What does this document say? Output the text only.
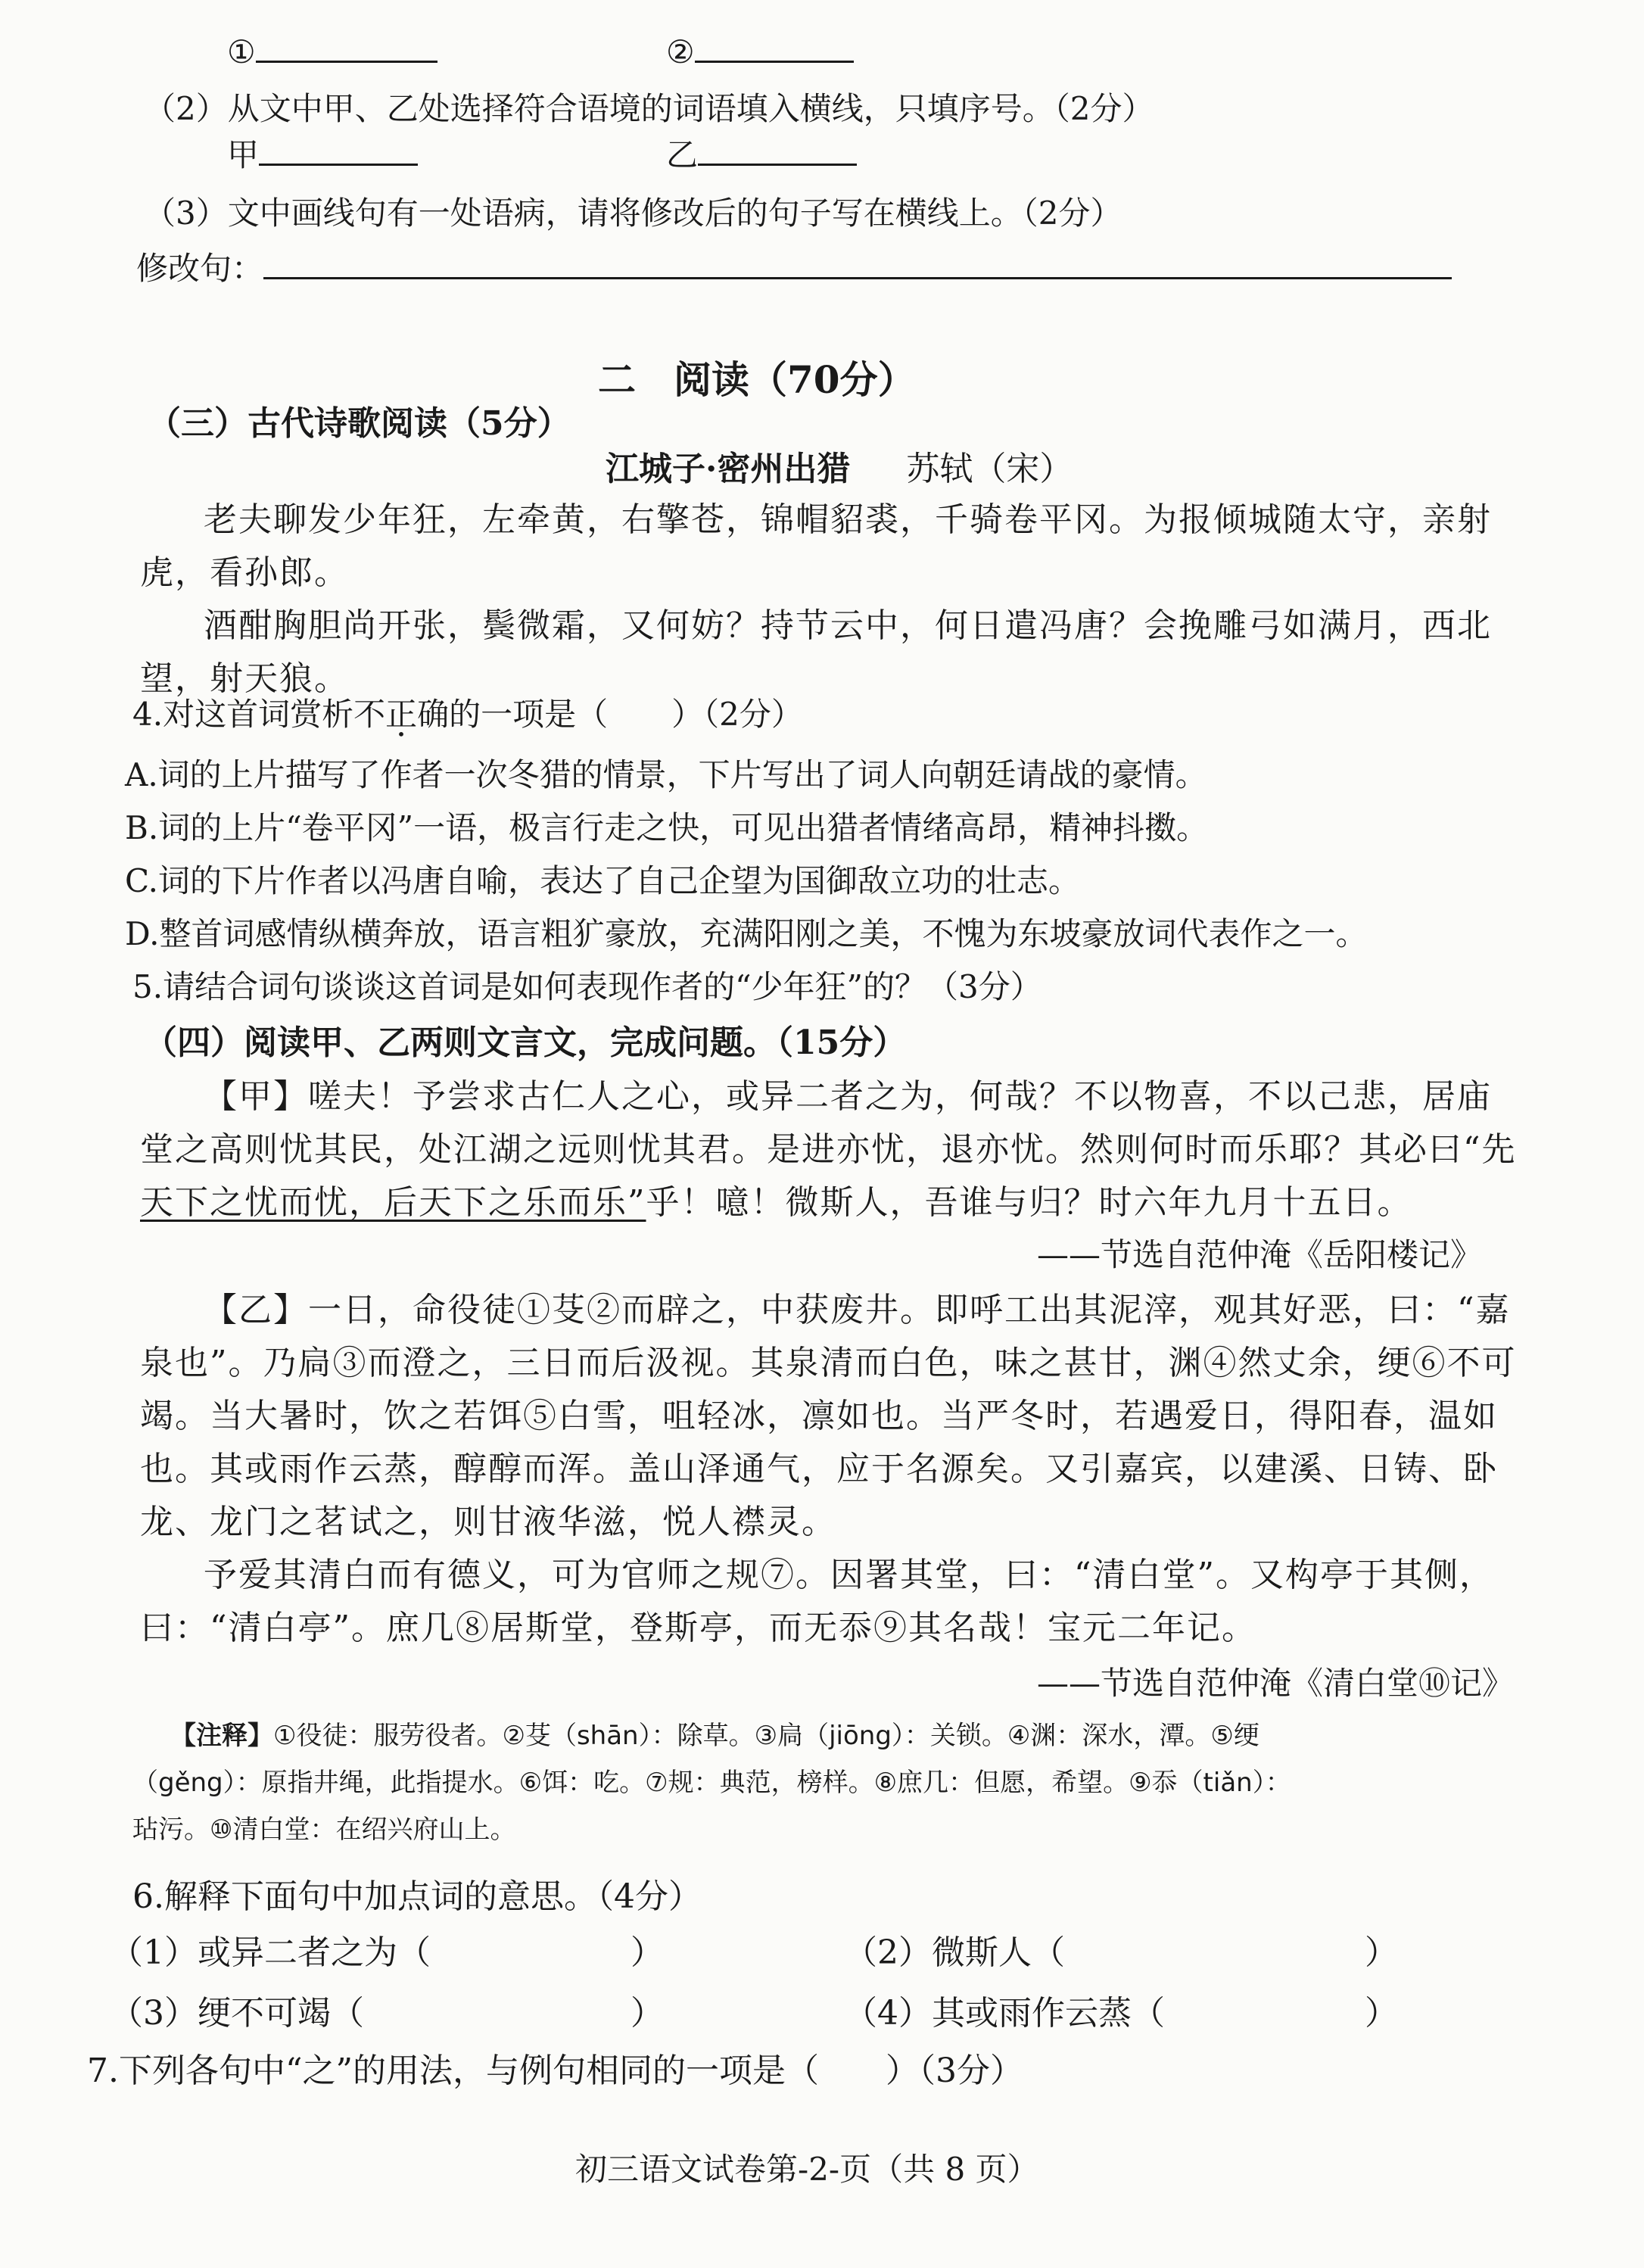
①	②
（2）从文中甲、乙处选择符合语境的词语填入横线，只填序号。（2分）
甲	乙
（3）文中画线句有一处语病，请将修改后的句子写在横线上。（2分）
修改句：
二　阅读（70分）
（三）古代诗歌阅读（5分）
江城子·密州出猎 苏轼（宋）

老夫聊发少年狂，左牵黄，右擎苍，锦帽貂裘，千骑卷平冈。为报倾城随太守，亲射

虎，看孙郎。

酒酣胸胆尚开张，鬓微霜，又何妨？持节云中，何日遣冯唐？会挽雕弓如满月，西北

望，射天狼。

4.对这首词赏析不正确的一项是（　　）（2分）
A.词的上片描写了作者一次冬猎的情景，下片写出了词人向朝廷请战的豪情。
B.词的上片“卷平冈”一语，极言行走之快，可见出猎者情绪高昂，精神抖擞。
C.词的下片作者以冯唐自喻，表达了自己企望为国御敌立功的壮志。
D.整首词感情纵横奔放，语言粗犷豪放，充满阳刚之美，不愧为东坡豪放词代表作之一。
5.请结合词句谈谈这首词是如何表现作者的“少年狂”的？（3分）
（四）阅读甲、乙两则文言文，完成问题。（15分）

【甲】嗟夫！予尝求古仁人之心，或异二者之为，何哉？不以物喜，不以己悲，居庙

堂之高则忧其民，处江湖之远则忧其君。是进亦忧，退亦忧。然则何时而乐耶？其必曰“先

天下之忧而忧，后天下之乐而乐”乎！噫！微斯人，吾谁与归？时六年九月十五日。

——节选自范仲淹《岳阳楼记》

【乙】一日，命役徒①芟②而辟之，中获废井。即呼工出其泥滓，观其好恶，曰：“嘉

泉也”。乃扃③而澄之，三日而后汲视。其泉清而白色，味之甚甘，渊④然丈余，绠⑥不可

竭。当大暑时，饮之若饵⑤白雪，咀轻冰，凛如也。当严冬时，若遇爱日，得阳春，温如

也。其或雨作云蒸，醇醇而浑。盖山泽通气，应于名源矣。又引嘉宾，以建溪、日铸、卧

龙、龙门之茗试之，则甘液华滋，悦人襟灵。

予爱其清白而有德义，可为官师之规⑦。因署其堂，曰：“清白堂”。又构亭于其侧，

曰：“清白亭”。庶几⑧居斯堂，登斯亭，而无忝⑨其名哉！宝元二年记。

——节选自范仲淹《清白堂⑩记》

【注释】①役徒：服劳役者。②芟（shān）：除草。③扃（jiōng）：关锁。④渊：深水，潭。⑤绠

（gěng）：原指井绳，此指提水。⑥饵：吃。⑦规：典范，榜样。⑧庶几：但愿，希望。⑨忝（tiǎn）：

玷污。⑩清白堂：在绍兴府山上。

6.解释下面句中加点词的意思。（4分）
（1）或异二者之为（　　　　　　）	（2）微斯人（　　　　　　　　　）
（3）绠不可竭（　　　　　　　　）	（4）其或雨作云蒸（　　　　　　）
7.下列各句中“之”的用法，与例句相同的一项是（　　）（3分）
初三语文试卷第-2-页（共 8 页）
